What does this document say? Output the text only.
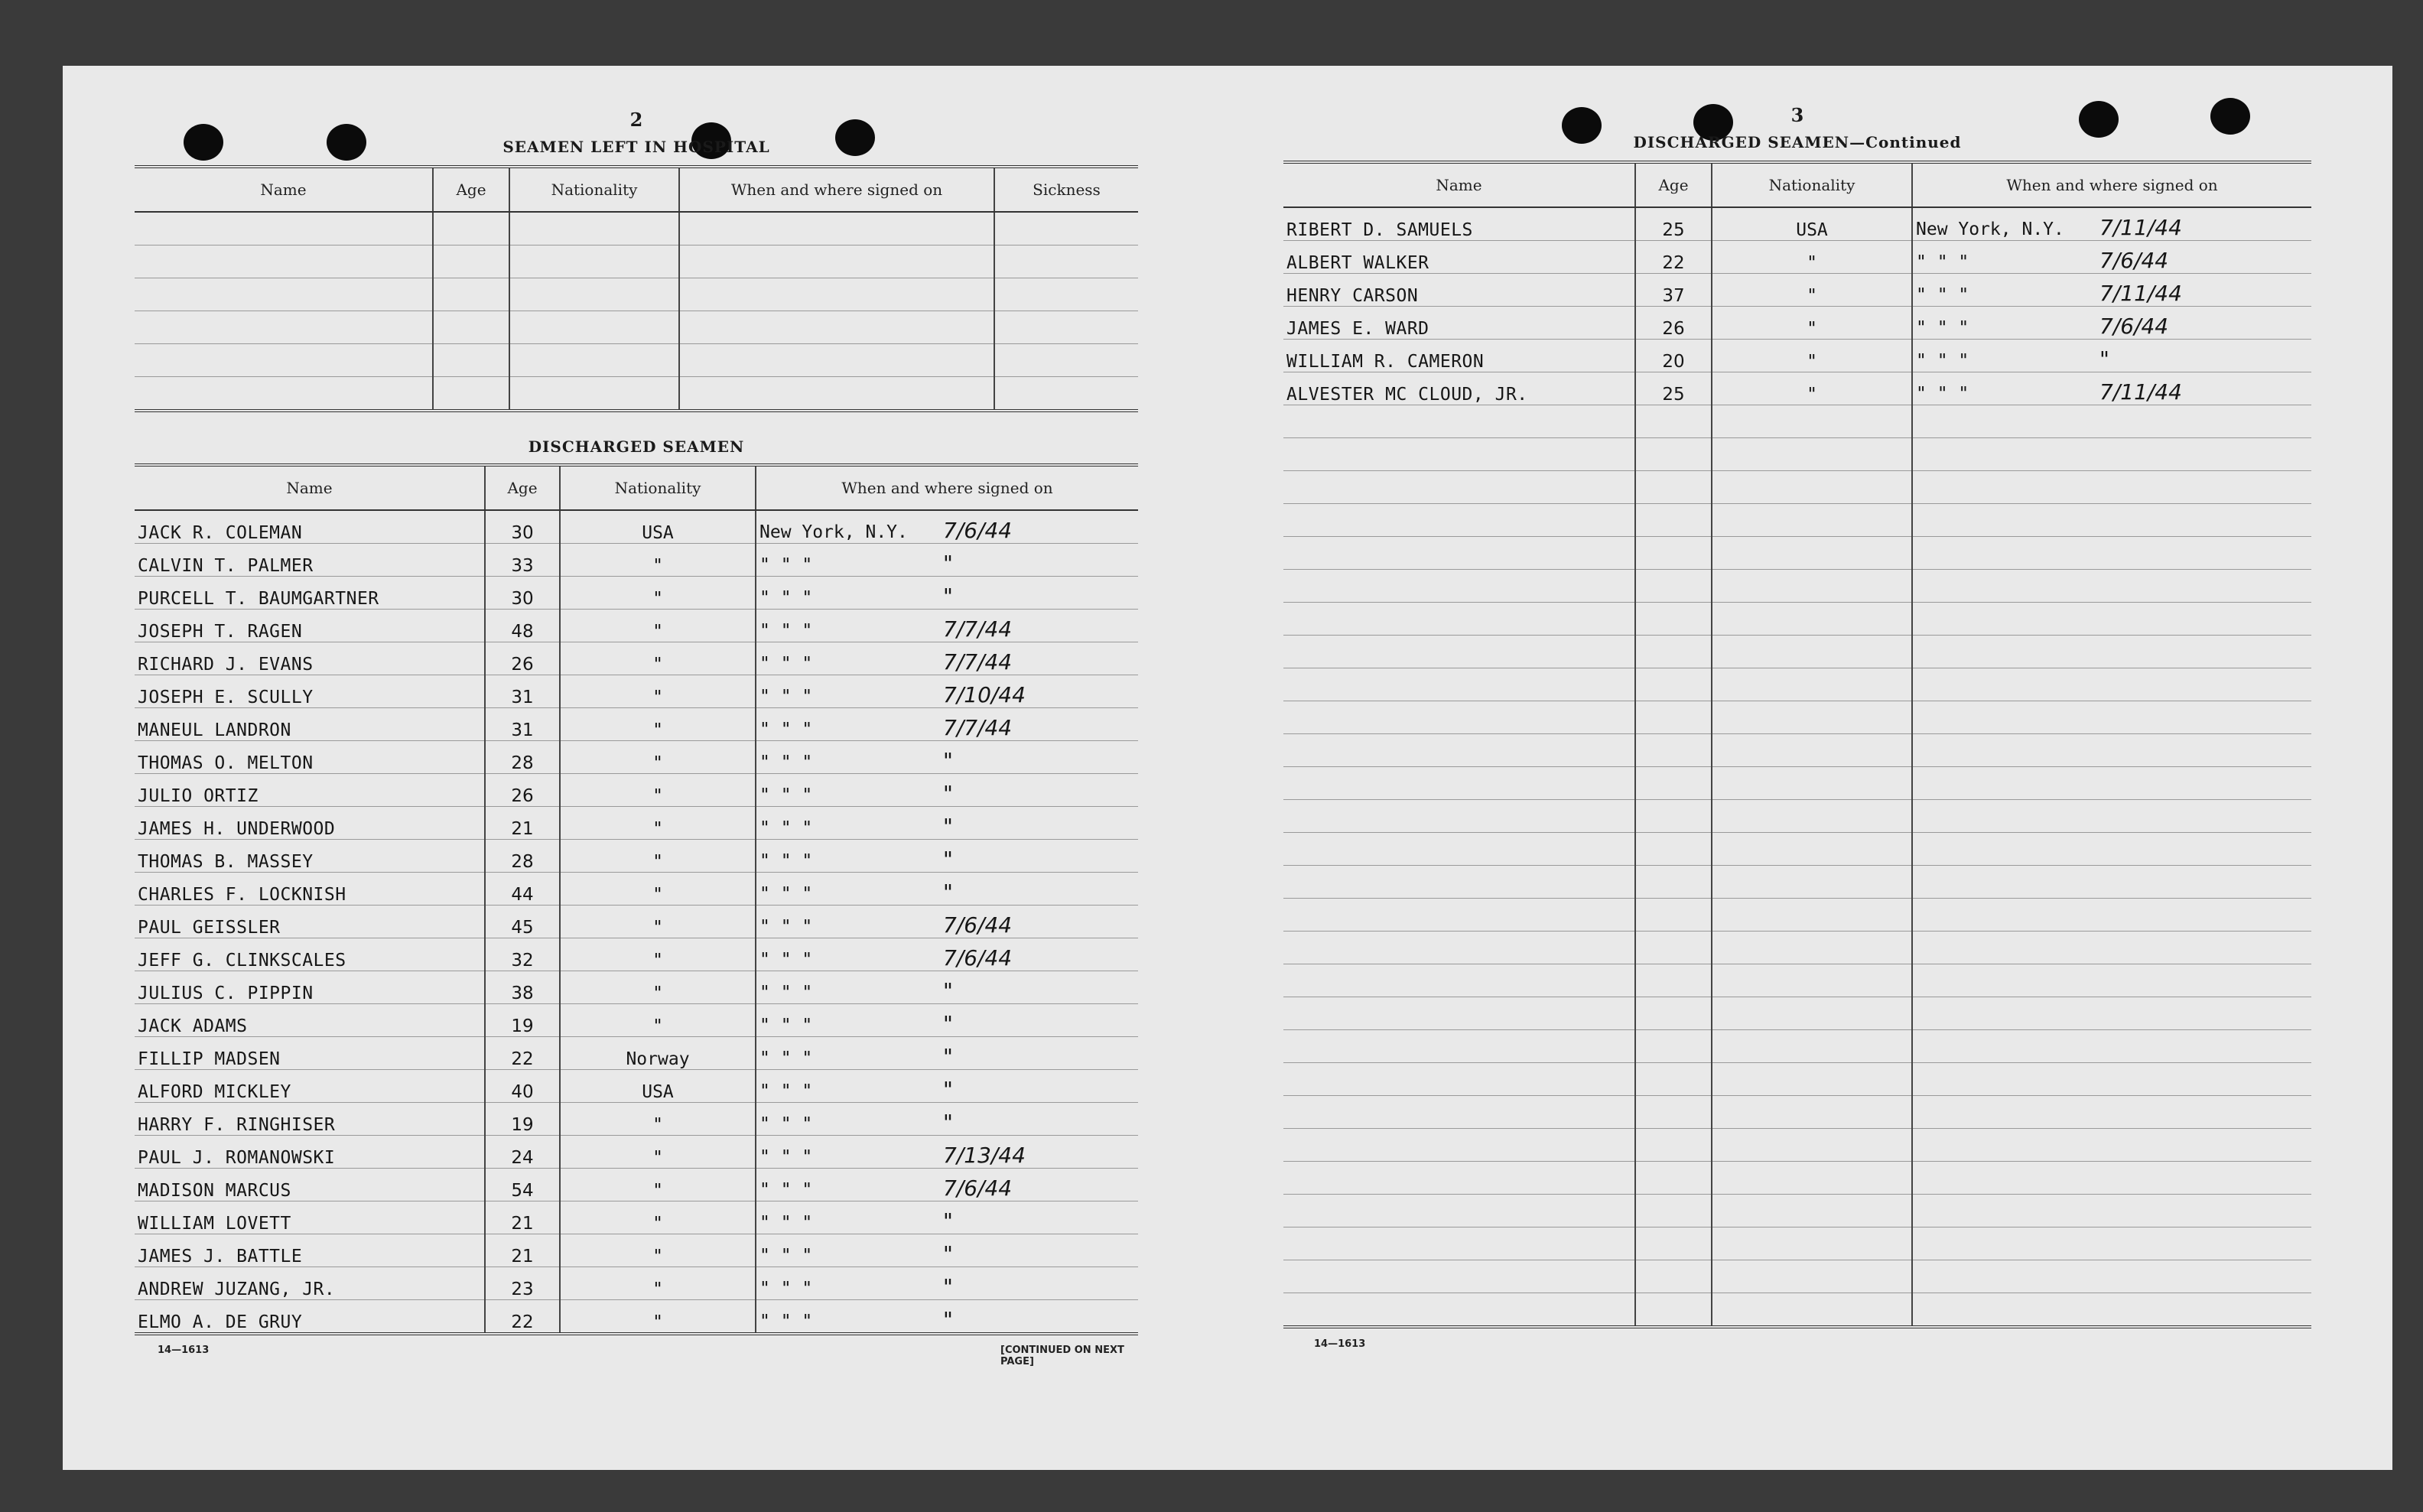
2
SEAMEN LEFT IN HOSPITAL
Name	Age	Nationality	When and where signed on	Sickness

DISCHARGED SEAMEN
Name	Age	Nationality	When and where signed on
JACK R. COLEMAN	30	USA	New York, N.Y. 7/6/44
CALVIN T. PALMER	33	"	" " " "
PURCELL T. BAUMGARTNER	30	"	" " " "
JOSEPH T. RAGEN	48	"	" " " 7/7/44
RICHARD J. EVANS	26	"	" " " 7/7/44
JOSEPH E. SCULLY	31	"	" " " 7/10/44
MANEUL LANDRON	31	"	" " " 7/7/44
THOMAS O. MELTON	28	"	" " " "
JULIO ORTIZ	26	"	" " " "
JAMES H. UNDERWOOD	21	"	" " " "
THOMAS B. MASSEY	28	"	" " " "
CHARLES F. LOCKNISH	44	"	" " " "
PAUL GEISSLER	45	"	" " " 7/6/44
JEFF G. CLINKSCALES	32	"	" " " 7/6/44
JULIUS C. PIPPIN	38	"	" " " "
JACK ADAMS	19	"	" " " "
FILLIP MADSEN	22	Norway	" " " "
ALFORD MICKLEY	40	USA	" " " "
HARRY F. RINGHISER	19	"	" " " "
PAUL J. ROMANOWSKI	24	"	" " " 7/13/44
MADISON MARCUS	54	"	" " " 7/6/44
WILLIAM LOVETT	21	"	" " " "
JAMES J. BATTLE	21	"	" " " "
ANDREW JUZANG, JR.	23	"	" " " "
ELMO A. DE GRUY	22	"	" " " "
14—1613	[CONTINUED ON NEXT PAGE]
3
DISCHARGED SEAMEN—Continued
Name	Age	Nationality	When and where signed on
RIBERT D. SAMUELS	25	USA	New York, N.Y. 7/11/44
ALBERT WALKER	22	"	" " " 7/6/44
HENRY CARSON	37	"	" " " 7/11/44
JAMES E. WARD	26	"	" " " 7/6/44
WILLIAM R. CAMERON	20	"	" " " "
ALVESTER MC CLOUD, JR.	25	"	" " " 7/11/44

14—1613
